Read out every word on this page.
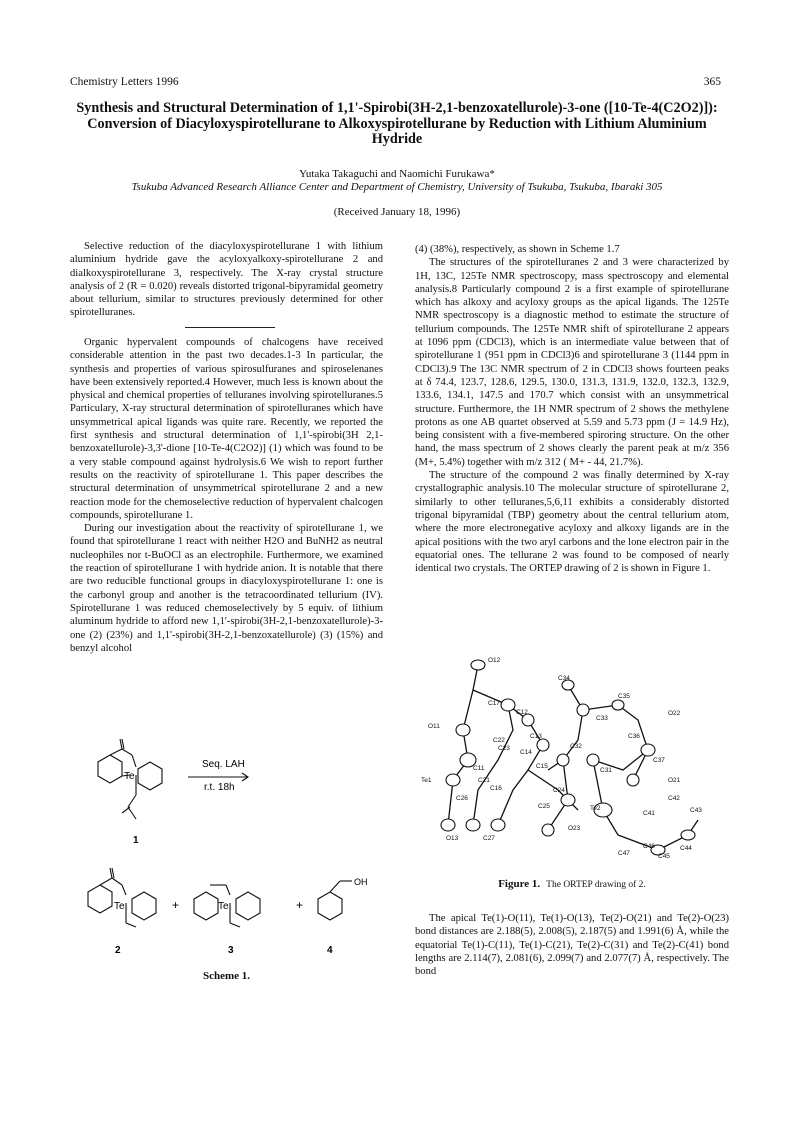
Chemistry Letters 1996	365
Synthesis and Structural Determination of 1,1'-Spirobi(3H-2,1-benzoxatellurole)-3-one ([10-Te-4(C2O2)]): Conversion of Diacyloxyspirotellurane to Alkoxyspirotellurane by Reduction with Lithium Aluminium Hydride
Yutaka Takaguchi and Naomichi Furukawa*
Tsukuba Advanced Research Alliance Center and Department of Chemistry, University of Tsukuba, Tsukuba, Ibaraki 305
(Received January 18, 1996)
Selective reduction of the diacyloxyspirotellurane 1 with lithium aluminium hydride gave the acyloxyalkoxy-spirotellurane 2 and dialkoxyspirotellurane 3, respectively. The X-ray crystal structure analysis of 2 (R = 0.020) reveals distorted trigonal-bipyramidal geometry about tellurium, similar to structures previously determined for other spirotelluranes.

Organic hypervalent compounds of chalcogens have received considerable attention in the past two decades.1-3 In particular, the synthesis and properties of various spirosulfuranes and spiroselenanes have been extensively reported.4 However, much less is known about the physical and chemical properties of telluranes involving spirotelluranes.5 Particulary, X-ray structural determination of spirotelluranes which have unsymmetrical apical ligands was quite rare. Recently, we reported the first synthesis and structural determination of 1,1'-spirobi(3H 2,1-benzoxatellurole)-3,3'-dione [10-Te-4(C2O2)] (1) which was found to be a very stable compound against hydrolysis.6 We wish to report further results on the reactivity of spirotellurane 1. This paper describes the structural determination of unsymmetrical spirotellurane 2 and a new reaction mode for the chemoselective reduction of hypervalent chalcogen compounds, spirotellurane 1.

During our investigation about the reactivity of spirotellurane 1, we found that spirotellurane 1 react with neither H2O and BuNH2 as neutral nucleophiles nor t-BuOCl as an electrophile. Furthermore, we examined the reaction of spirotellurane 1 with hydride anion. It is notable that there are two reducible functional groups in diacyloxyspirotellurane 1: one is the carbonyl group and another is the tetracoordinated tellurium (IV). Spirotellurane 1 was reduced chemoselectively by 5 equiv. of lithium aluminum hydride to afford new 1,1'-spirobi(3H-2,1-benzoxatellurole)-3-one (2) (23%) and 1,1'-spirobi(3H-2,1-benzoxatellurole) (3) (15%) and benzyl alcohol

(4) (38%), respectively, as shown in Scheme 1.7

The structures of the spirotelluranes 2 and 3 were characterized by 1H, 13C, 125Te NMR spectroscopy, mass spectroscopy and elemental analysis.8 Particularly compound 2 is a first example of spirotellurane which has alkoxy and acyloxy groups as the apical ligands. The 125Te NMR spectroscopy is a diagnostic method to estimate the structure of tellurium compounds. The 125Te NMR shift of spirotellurane 2 appears at 1096 ppm (CDCl3), which is an intermediate value between that of spirotellurane 1 (951 ppm in CDCl3)6 and spirotellurane 3 (1144 ppm in CDCl3).9 The 13C NMR spectrum of 2 in CDCl3 shows fourteen peaks at δ 74.4, 123.7, 128.6, 129.5, 130.0, 131.3, 131.9, 132.0, 132.3, 132.9, 133.6, 134.1, 147.5 and 170.7 which consist with an unsymmetrical structure. Furthermore, the 1H NMR spectrum of 2 shows the methylene protons as one AB quartet observed at 5.59 and 5.73 ppm (J = 14.9 Hz), being consistent with a five-membered spiroring structure. On the other hand, the mass spectrum of 2 shows clearly the parent peak at m/z 356 (M+, 5.4%) together with m/z 312 ( M+ - 44, 21.7%).

The structure of the compound 2 was finally determined by X-ray crystallographic analysis.10 The molecular structure of spirotellurane 2, similarly to other telluranes,5,6,11 exhibits a considerably distorted trigonal bipyramidal (TBP) geometry about the central tellurium atom, where the more electronegative acyloxy and alkoxy ligands are in the apical positions with the two aryl carbons and the lone electron pair in the equatorial ones. The tellurane 2 was found to be composed of nearly identical two crystals. The ORTEP drawing of 2 is shown in Figure 1.

Te
Seq. LAH
r.t. 18h
Te	+	Te	+
OH
1
2	3	4
Scheme 1.
O12
C17
C34
C35
O11
C12
C13
C33
C36
O22
C22
C14
C32
C37
C23
C11	C15
C31
O21
Te1	C21
C16	C24
Te2
C41
C42
C43
C26
C25
O23
C46	C44
O13	C27
C47	C45
Figure 1. The ORTEP drawing of 2.

The apical Te(1)-O(11), Te(1)-O(13), Te(2)-O(21) and Te(2)-O(23) bond distances are 2.188(5), 2.008(5), 2.187(5) and 1.991(6) Å, while the equatorial Te(1)-C(11), Te(1)-C(21), Te(2)-C(31) and Te(2)-C(41) bond lengths are 2.114(7), 2.081(6), 2.099(7) and 2.077(7) Å, respectively. The bond
